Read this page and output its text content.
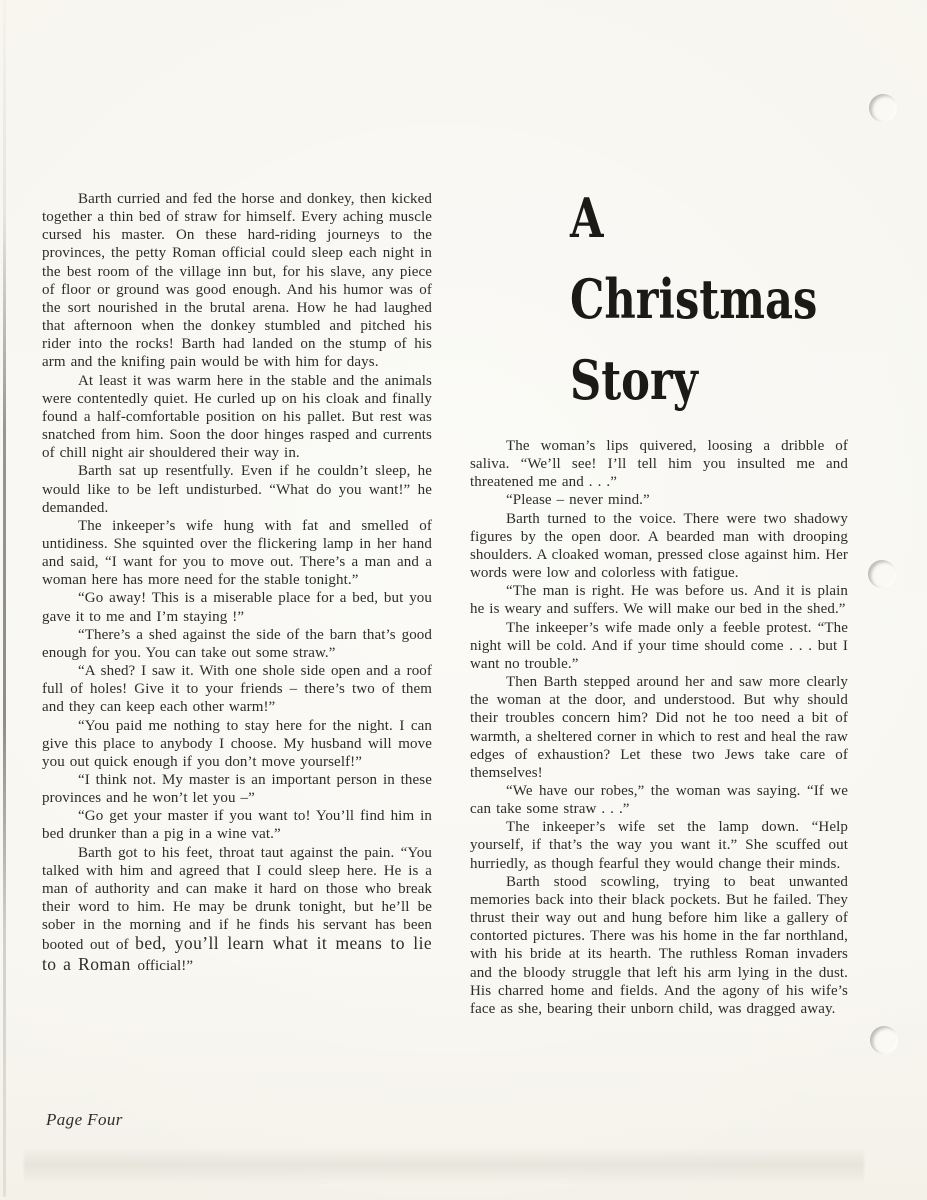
Barth curried and fed the horse and donkey, then kicked together a thin bed of straw for himself. Every aching muscle cursed his master. On these hard-riding journeys to the provinces, the petty Roman official could sleep each night in the best room of the village inn but, for his slave, any piece of floor or ground was good enough. And his humor was of the sort nourished in the brutal arena. How he had laughed that afternoon when the donkey stumbled and pitched his rider into the rocks! Barth had landed on the stump of his arm and the knifing pain would be with him for days.

At least it was warm here in the stable and the animals were contentedly quiet. He curled up on his cloak and finally found a half-comfortable position on his pallet. But rest was snatched from him. Soon the door hinges rasped and currents of chill night air shouldered their way in.

Barth sat up resentfully. Even if he couldn’t sleep, he would like to be left undisturbed. “What do you want!” he demanded.

The inkeeper’s wife hung with fat and smelled of untidiness. She squinted over the flickering lamp in her hand and said, “I want for you to move out. There’s a man and a woman here has more need for the stable tonight.”

“Go away! This is a miserable place for a bed, but you gave it to me and I’m staying !”

“There’s a shed against the side of the barn that’s good enough for you. You can take out some straw.”

“A shed? I saw it. With one shole side open and a roof full of holes! Give it to your friends – there’s two of them and they can keep each other warm!”

“You paid me nothing to stay here for the night. I can give this place to anybody I choose. My husband will move you out quick enough if you don’t move yourself!”

“I think not. My master is an important person in these provinces and he won’t let you –”

“Go get your master if you want to! You’ll find him in bed drunker than a pig in a wine vat.”

Barth got to his feet, throat taut against the pain. “You talked with him and agreed that I could sleep here. He is a man of authority and can make it hard on those who break their word to him. He may be drunk tonight, but he’ll be sober in the morning and if he finds his servant has been booted out of bed, you’ll learn what it means to lie to a Roman official!”

A
Christmas
Story

The woman’s lips quivered, loosing a dribble of saliva. “We’ll see! I’ll tell him you insulted me and threatened me and . . .”

“Please – never mind.”

Barth turned to the voice. There were two shadowy figures by the open door. A bearded man with drooping shoulders. A cloaked woman, pressed close against him. Her words were low and colorless with fatigue.

“The man is right. He was before us. And it is plain he is weary and suffers. We will make our bed in the shed.”

The inkeeper’s wife made only a feeble protest. “The night will be cold. And if your time should come . . . but I want no trouble.”

Then Barth stepped around her and saw more clearly the woman at the door, and understood. But why should their troubles concern him? Did not he too need a bit of warmth, a sheltered corner in which to rest and heal the raw edges of exhaustion? Let these two Jews take care of themselves!

“We have our robes,” the woman was saying. “If we can take some straw . . .”

The inkeeper’s wife set the lamp down. “Help yourself, if that’s the way you want it.” She scuffed out hurriedly, as though fearful they would change their minds.

Barth stood scowling, trying to beat unwanted memories back into their black pockets. But he failed. They thrust their way out and hung before him like a gallery of contorted pictures. There was his home in the far northland, with his bride at its hearth. The ruthless Roman invaders and the bloody struggle that left his arm lying in the dust. His charred home and fields. And the agony of his wife’s face as she, bearing their unborn child, was dragged away.

Page Four
